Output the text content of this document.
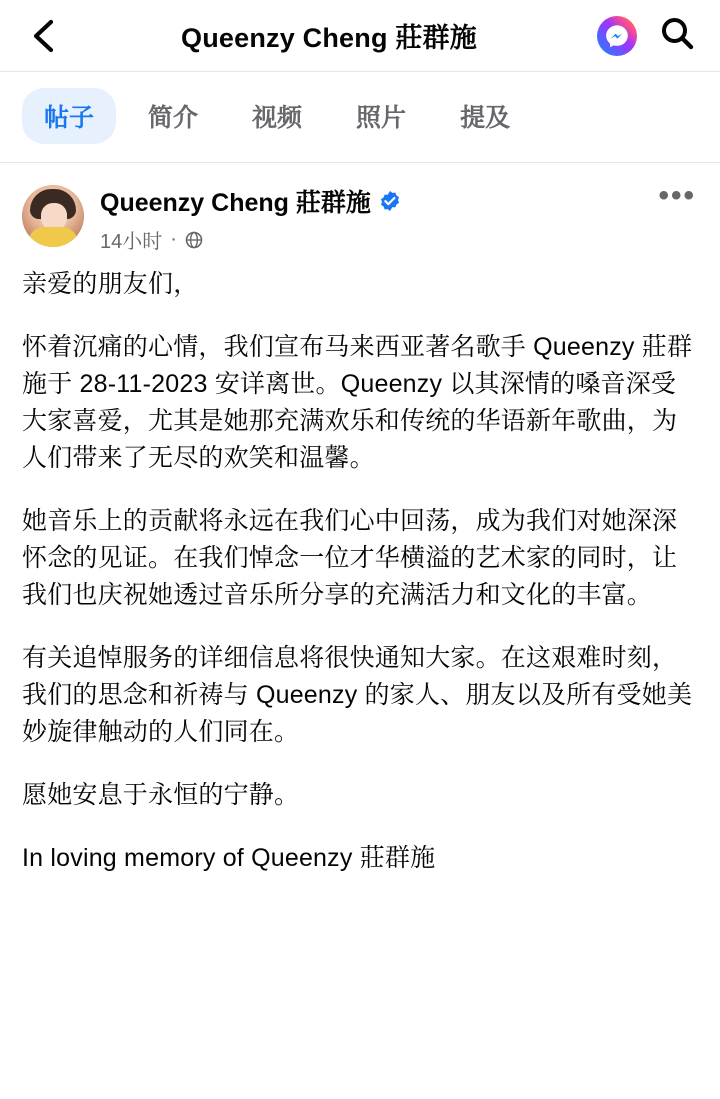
Queenzy Cheng 莊群施
帖子	简介	视频	照片	提及
Queenzy Cheng 莊群施
14小时 ·
•••

亲爱的朋友们，

怀着沉痛的心情，我们宣布马来西亚著名歌手 Queenzy 莊群施于 28-11-2023 安详离世。Queenzy 以其深情的嗓音深受大家喜爱，尤其是她那充满欢乐和传统的华语新年歌曲，为人们带来了无尽的欢笑和温馨。

她音乐上的贡献将永远在我们心中回荡，成为我们对她深深怀念的见证。在我们悼念一位才华横溢的艺术家的同时，让我们也庆祝她透过音乐所分享的充满活力和文化的丰富。

有关追悼服务的详细信息将很快通知大家。在这艰难时刻，我们的思念和祈祷与 Queenzy 的家人、朋友以及所有受她美妙旋律触动的人们同在。

愿她安息于永恒的宁静。

In loving memory of Queenzy 莊群施
